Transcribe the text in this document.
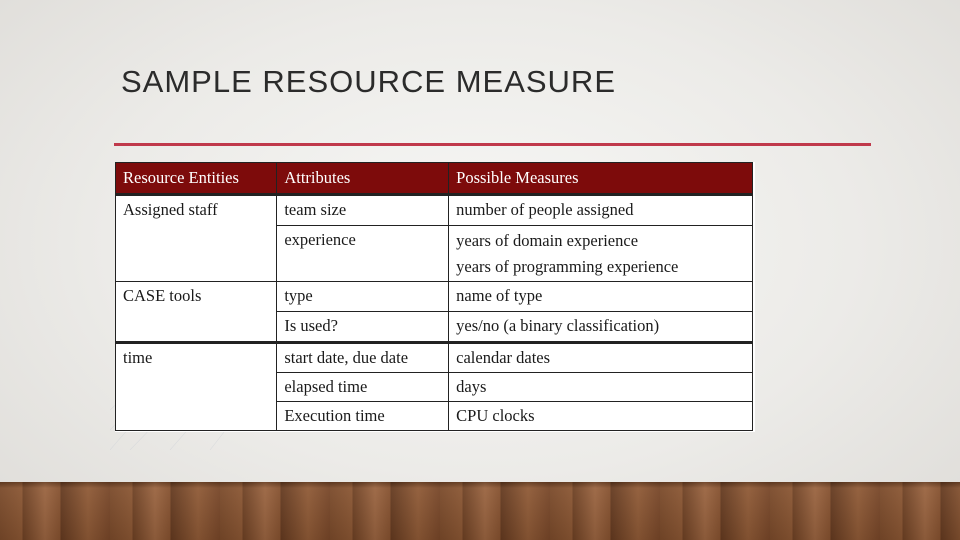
SAMPLE RESOURCE MEASURE
Resource Entities	Attributes	Possible Measures
Assigned staff	team size	number of people assigned
	experience	years of domain experience
years of programming experience

CASE tools	type	name of type
	Is used?	yes/no (a binary classification)
time	start date, due date	calendar dates
	elapsed time	days
	Execution time	CPU clocks
